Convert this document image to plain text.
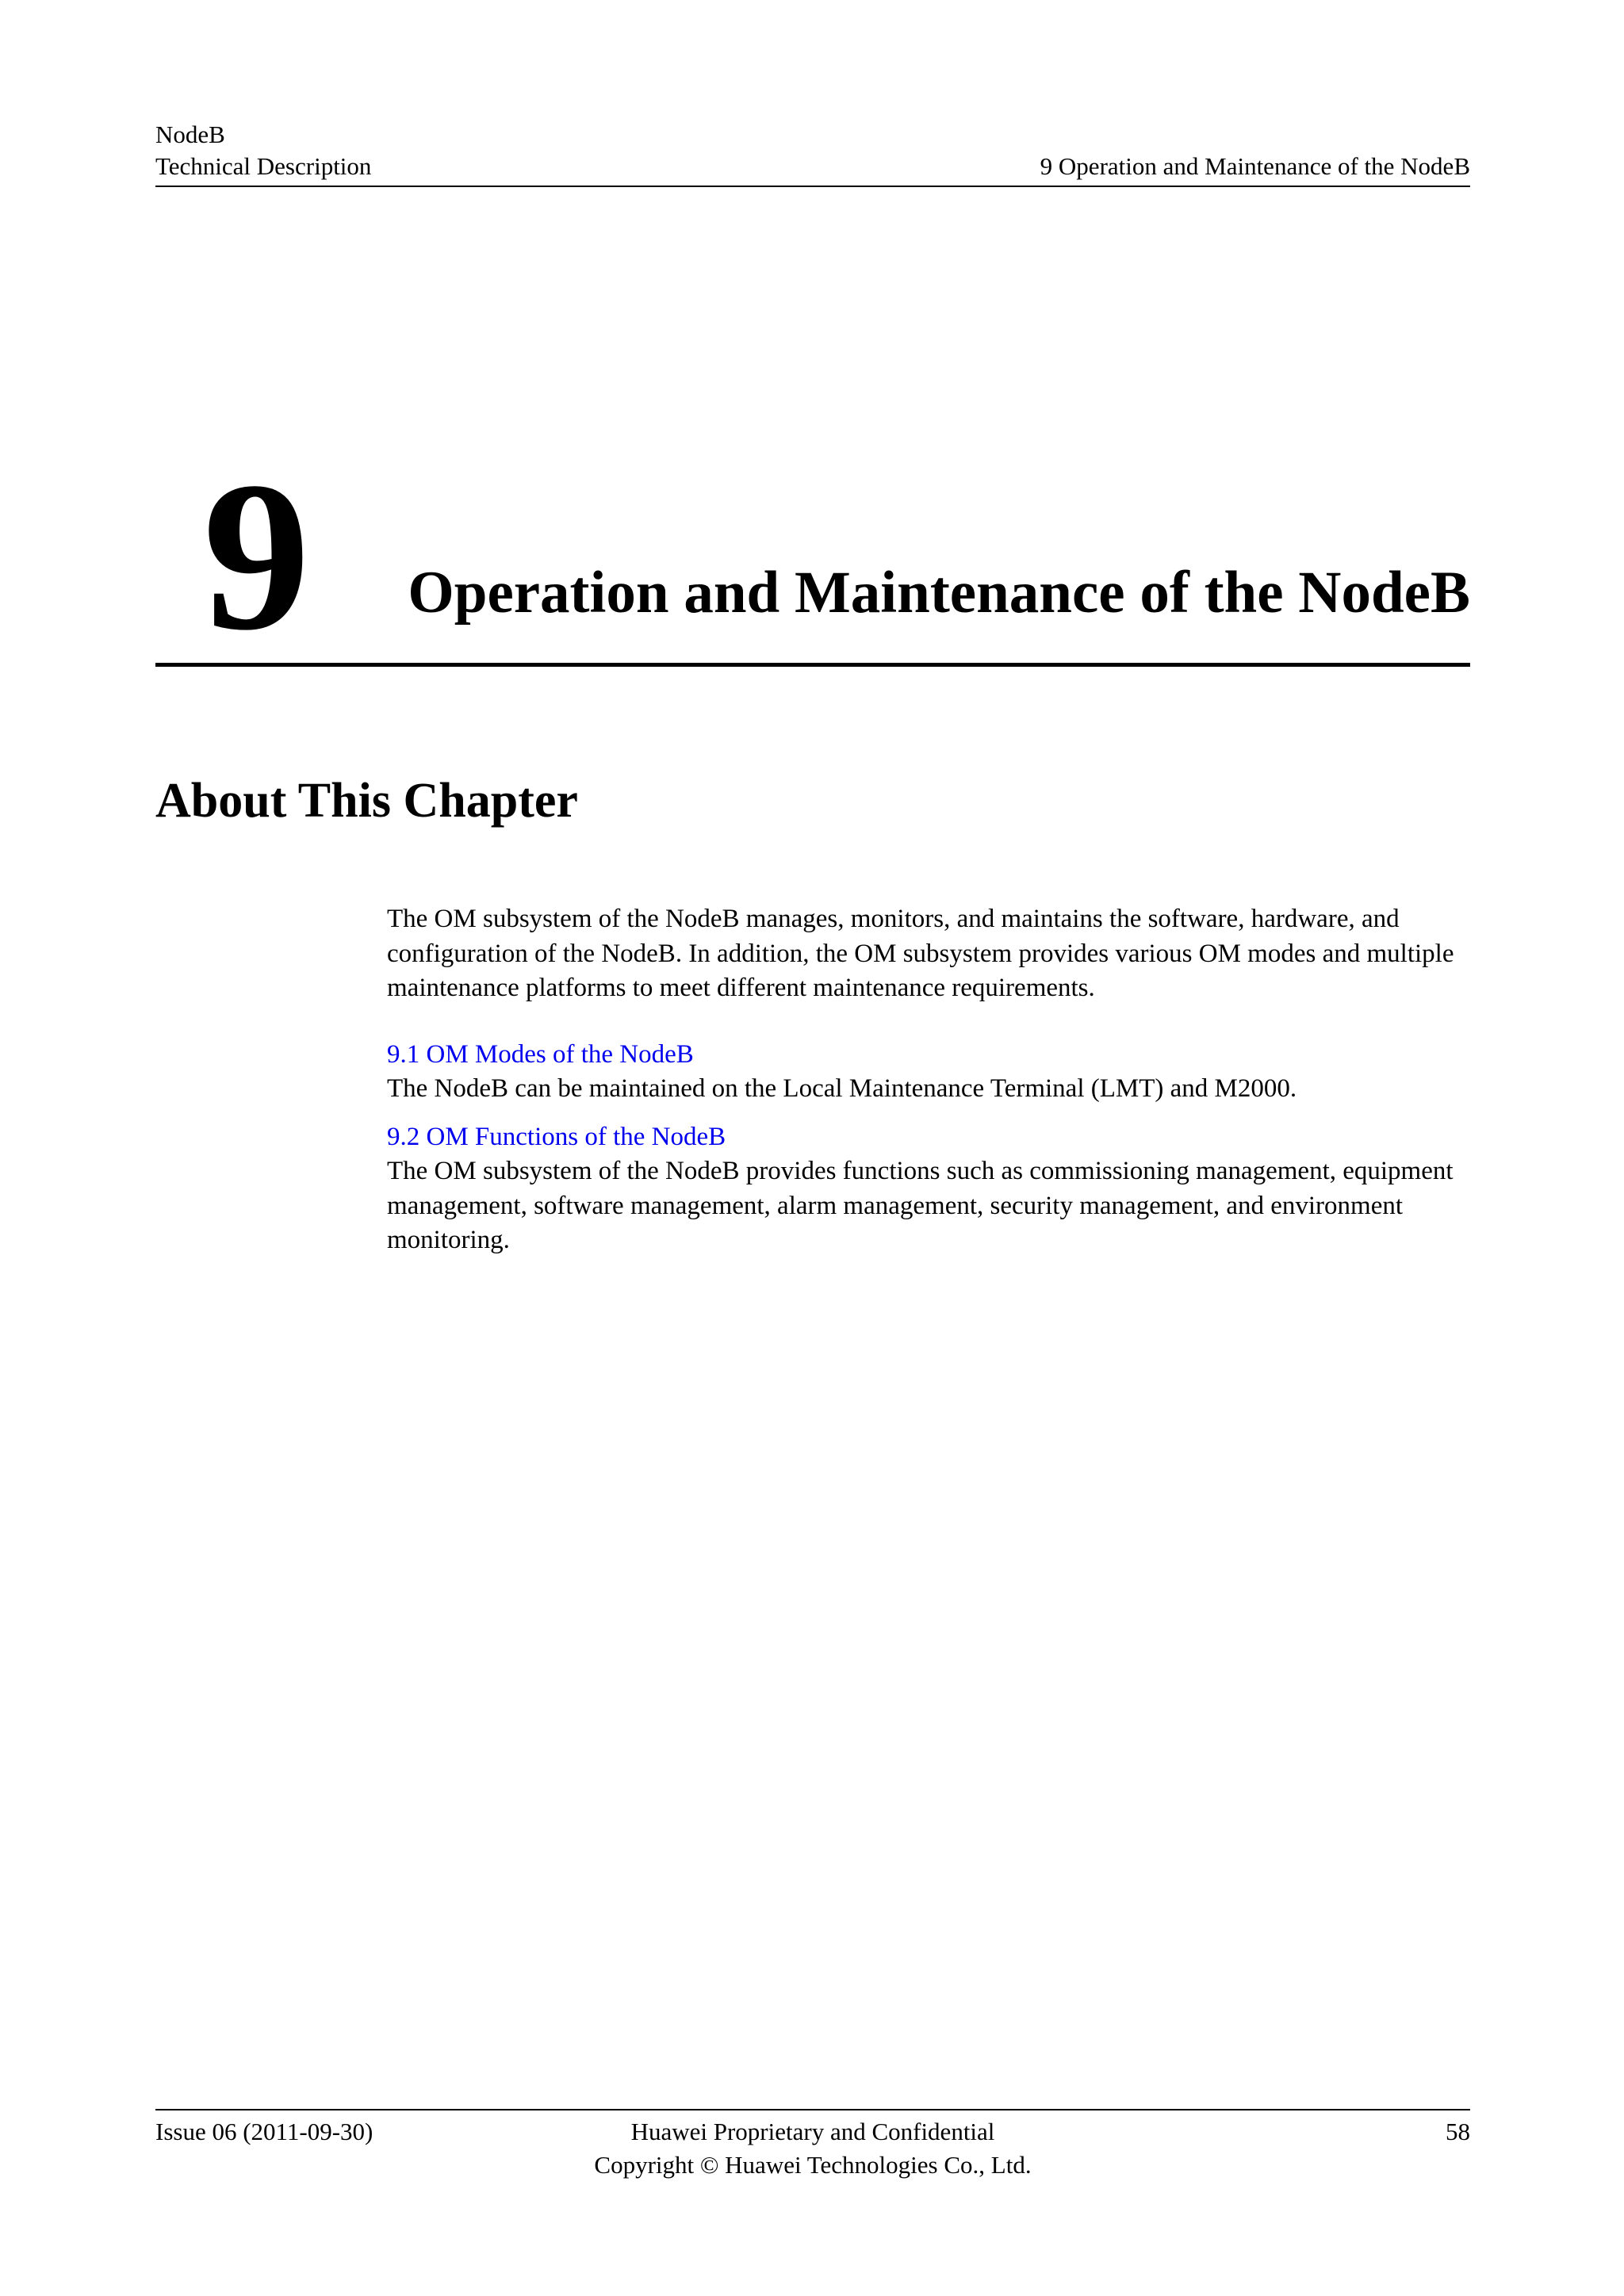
NodeB
Technical Description	9 Operation and Maintenance of the NodeB
9 Operation and Maintenance of the NodeB
About This Chapter

The OM subsystem of the NodeB manages, monitors, and maintains the software, hardware, and configuration of the NodeB. In addition, the OM subsystem provides various OM modes and multiple maintenance platforms to meet different maintenance requirements.

9.1 OM Modes of the NodeB
The NodeB can be maintained on the Local Maintenance Terminal (LMT) and M2000.
9.2 OM Functions of the NodeB
The OM subsystem of the NodeB provides functions such as commissioning management, equipment management, software management, alarm management, security management, and environment monitoring.
Issue 06 (2011-09-30)	Huawei Proprietary and Confidential
Copyright © Huawei Technologies Co., Ltd.
58
